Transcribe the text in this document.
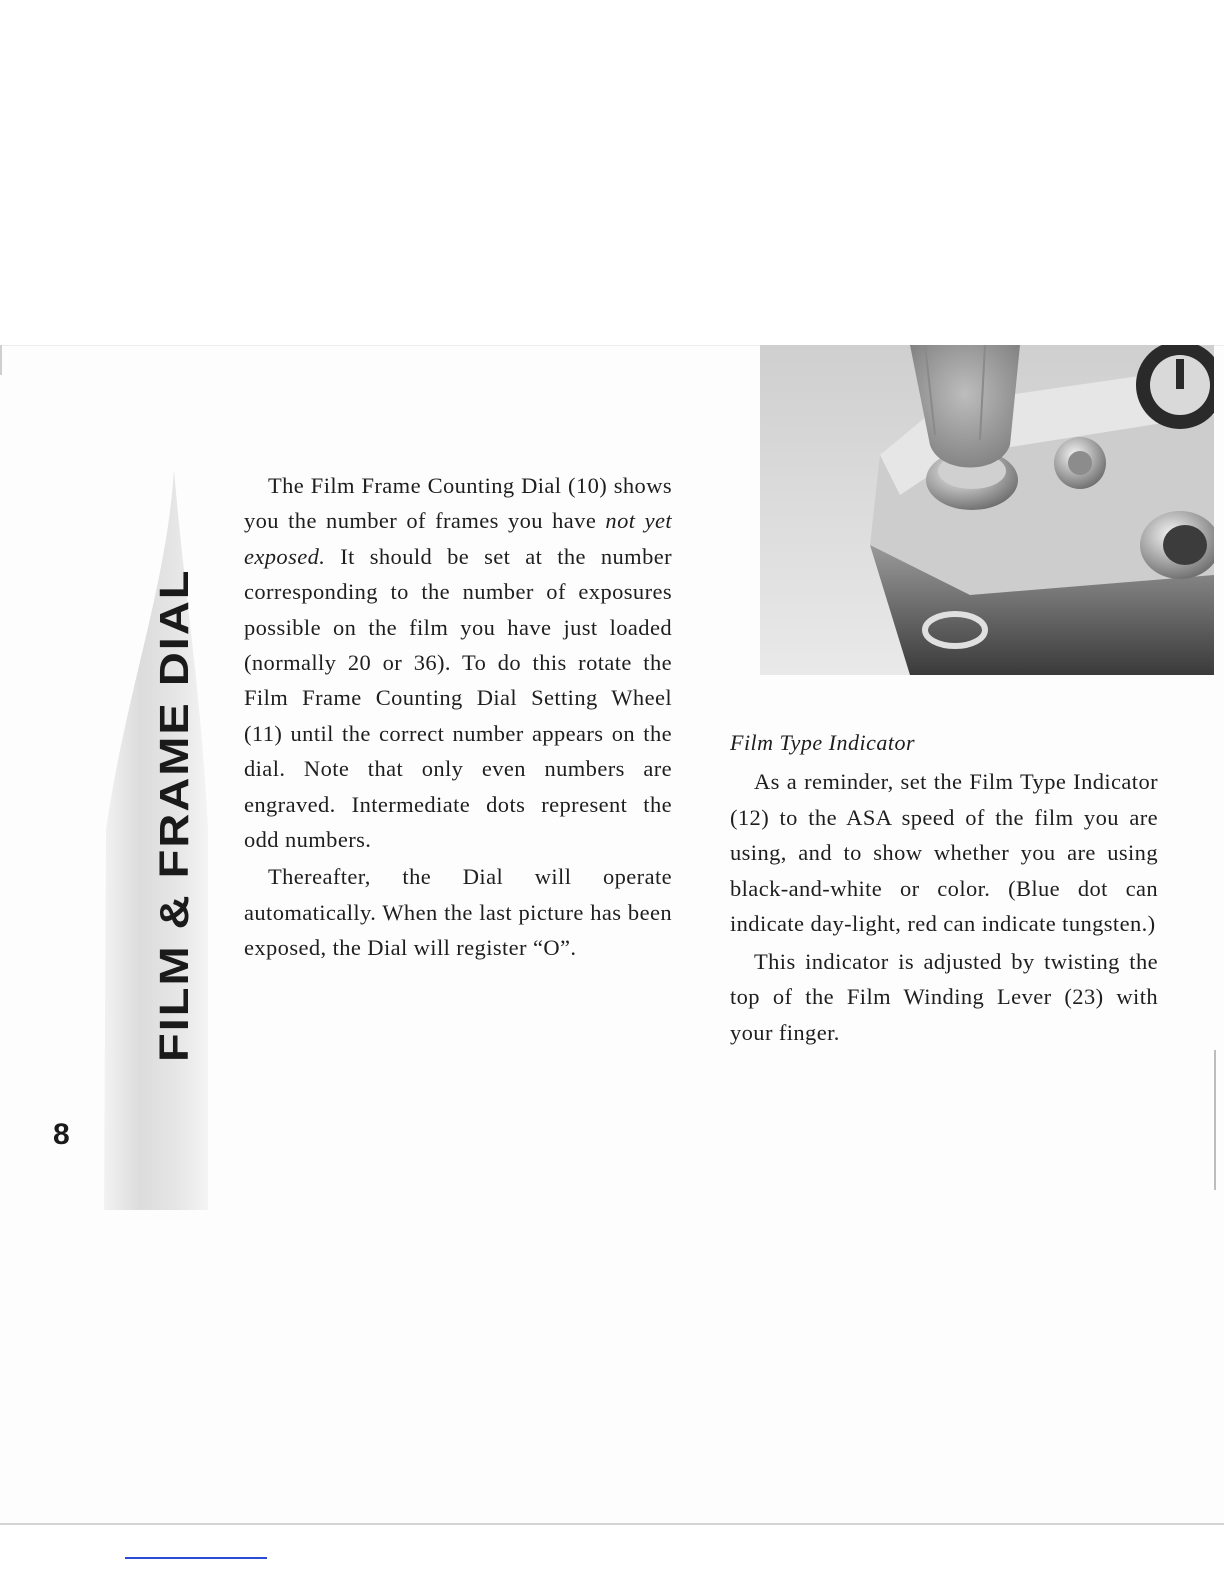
FILM & FRAME DIAL
8

The Film Frame Counting Dial (10) shows you the number of frames you have not yet exposed. It should be set at the number corresponding to the number of exposures possible on the film you have just loaded (normally 20 or 36). To do this rotate the Film Frame Counting Dial Setting Wheel (11) until the correct number appears on the dial. Note that only even numbers are engraved. Intermediate dots represent the odd numbers.

Thereafter, the Dial will operate automatically. When the last picture has been exposed, the Dial will register “O”.

Film Type Indicator

As a reminder, set the Film Type Indicator (12) to the ASA speed of the film you are using, and to show whether you are using black-and-white or color. (Blue dot can indicate day-light, red can indicate tungsten.)

This indicator is adjusted by twisting the top of the Film Winding Lever (23) with your finger.
